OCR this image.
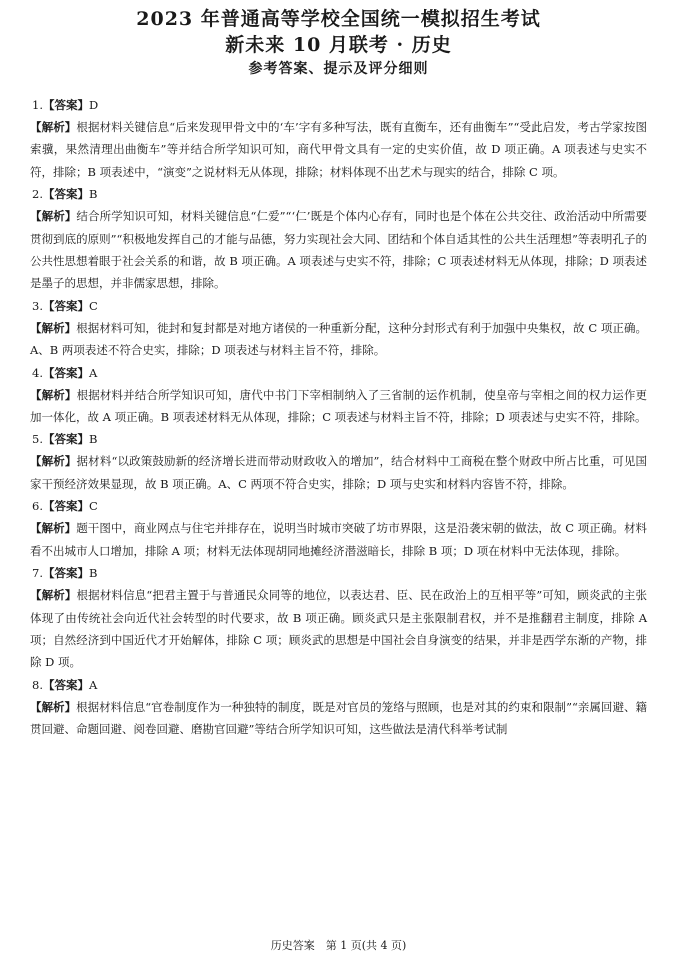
2023 年普通高等学校全国统一模拟招生考试
新未来 10 月联考 · 历史
参考答案、提示及评分细则
1.【答案】D

【解析】根据材料关键信息“后来发现甲骨文中的‘车’字有多种写法，既有直衡车，还有曲衡车”“受此启发，考古学家按图索骥，果然清理出曲衡车”等并结合所学知识可知，商代甲骨文具有一定的史实价值，故 D 项正确。A 项表述与史实不符，排除；B 项表述中，“演变”之说材料无从体现，排除；材料体现不出艺术与现实的结合，排除 C 项。

2.【答案】B

【解析】结合所学知识可知，材料关键信息“仁爱”“‘仁’既是个体内心存有，同时也是个体在公共交往、政治活动中所需要贯彻到底的原则”“积极地发挥自己的才能与品德，努力实现社会大同、团结和个体自适其性的公共生活理想”等表明孔子的公共性思想着眼于社会关系的和谐，故 B 项正确。A 项表述与史实不符，排除；C 项表述材料无从体现，排除；D 项表述是墨子的思想，并非儒家思想，排除。

3.【答案】C

【解析】根据材料可知，徙封和复封都是对地方诸侯的一种重新分配，这种分封形式有利于加强中央集权，故 C 项正确。A、B 两项表述不符合史实，排除；D 项表述与材料主旨不符，排除。

4.【答案】A

【解析】根据材料并结合所学知识可知，唐代中书门下宰相制纳入了三省制的运作机制，使皇帝与宰相之间的权力运作更加一体化，故 A 项正确。B 项表述材料无从体现，排除；C 项表述与材料主旨不符，排除；D 项表述与史实不符，排除。

5.【答案】B

【解析】据材料“以政策鼓励新的经济增长进而带动财政收入的增加”，结合材料中工商税在整个财政中所占比重，可见国家干预经济效果显现，故 B 项正确。A、C 两项不符合史实，排除；D 项与史实和材料内容皆不符，排除。

6.【答案】C

【解析】题干图中，商业网点与住宅并排存在，说明当时城市突破了坊市界限，这是沿袭宋朝的做法，故 C 项正确。材料看不出城市人口增加，排除 A 项；材料无法体现胡同地摊经济潜滋暗长，排除 B 项；D 项在材料中无法体现，排除。

7.【答案】B

【解析】根据材料信息“把君主置于与普通民众同等的地位，以表达君、臣、民在政治上的互相平等”可知，顾炎武的主张体现了由传统社会向近代社会转型的时代要求，故 B 项正确。顾炎武只是主张限制君权，并不是推翻君主制度，排除 A 项；自然经济到中国近代才开始解体，排除 C 项；顾炎武的思想是中国社会自身演变的结果，并非是西学东渐的产物，排除 D 项。

8.【答案】A

【解析】根据材料信息“官卷制度作为一种独特的制度，既是对官员的笼络与照顾，也是对其的约束和限制”“亲属回避、籍贯回避、命题回避、阅卷回避、磨勘官回避”等结合所学知识可知，这些做法是清代科举考试制

历史答案　第 1 页(共 4 页)
